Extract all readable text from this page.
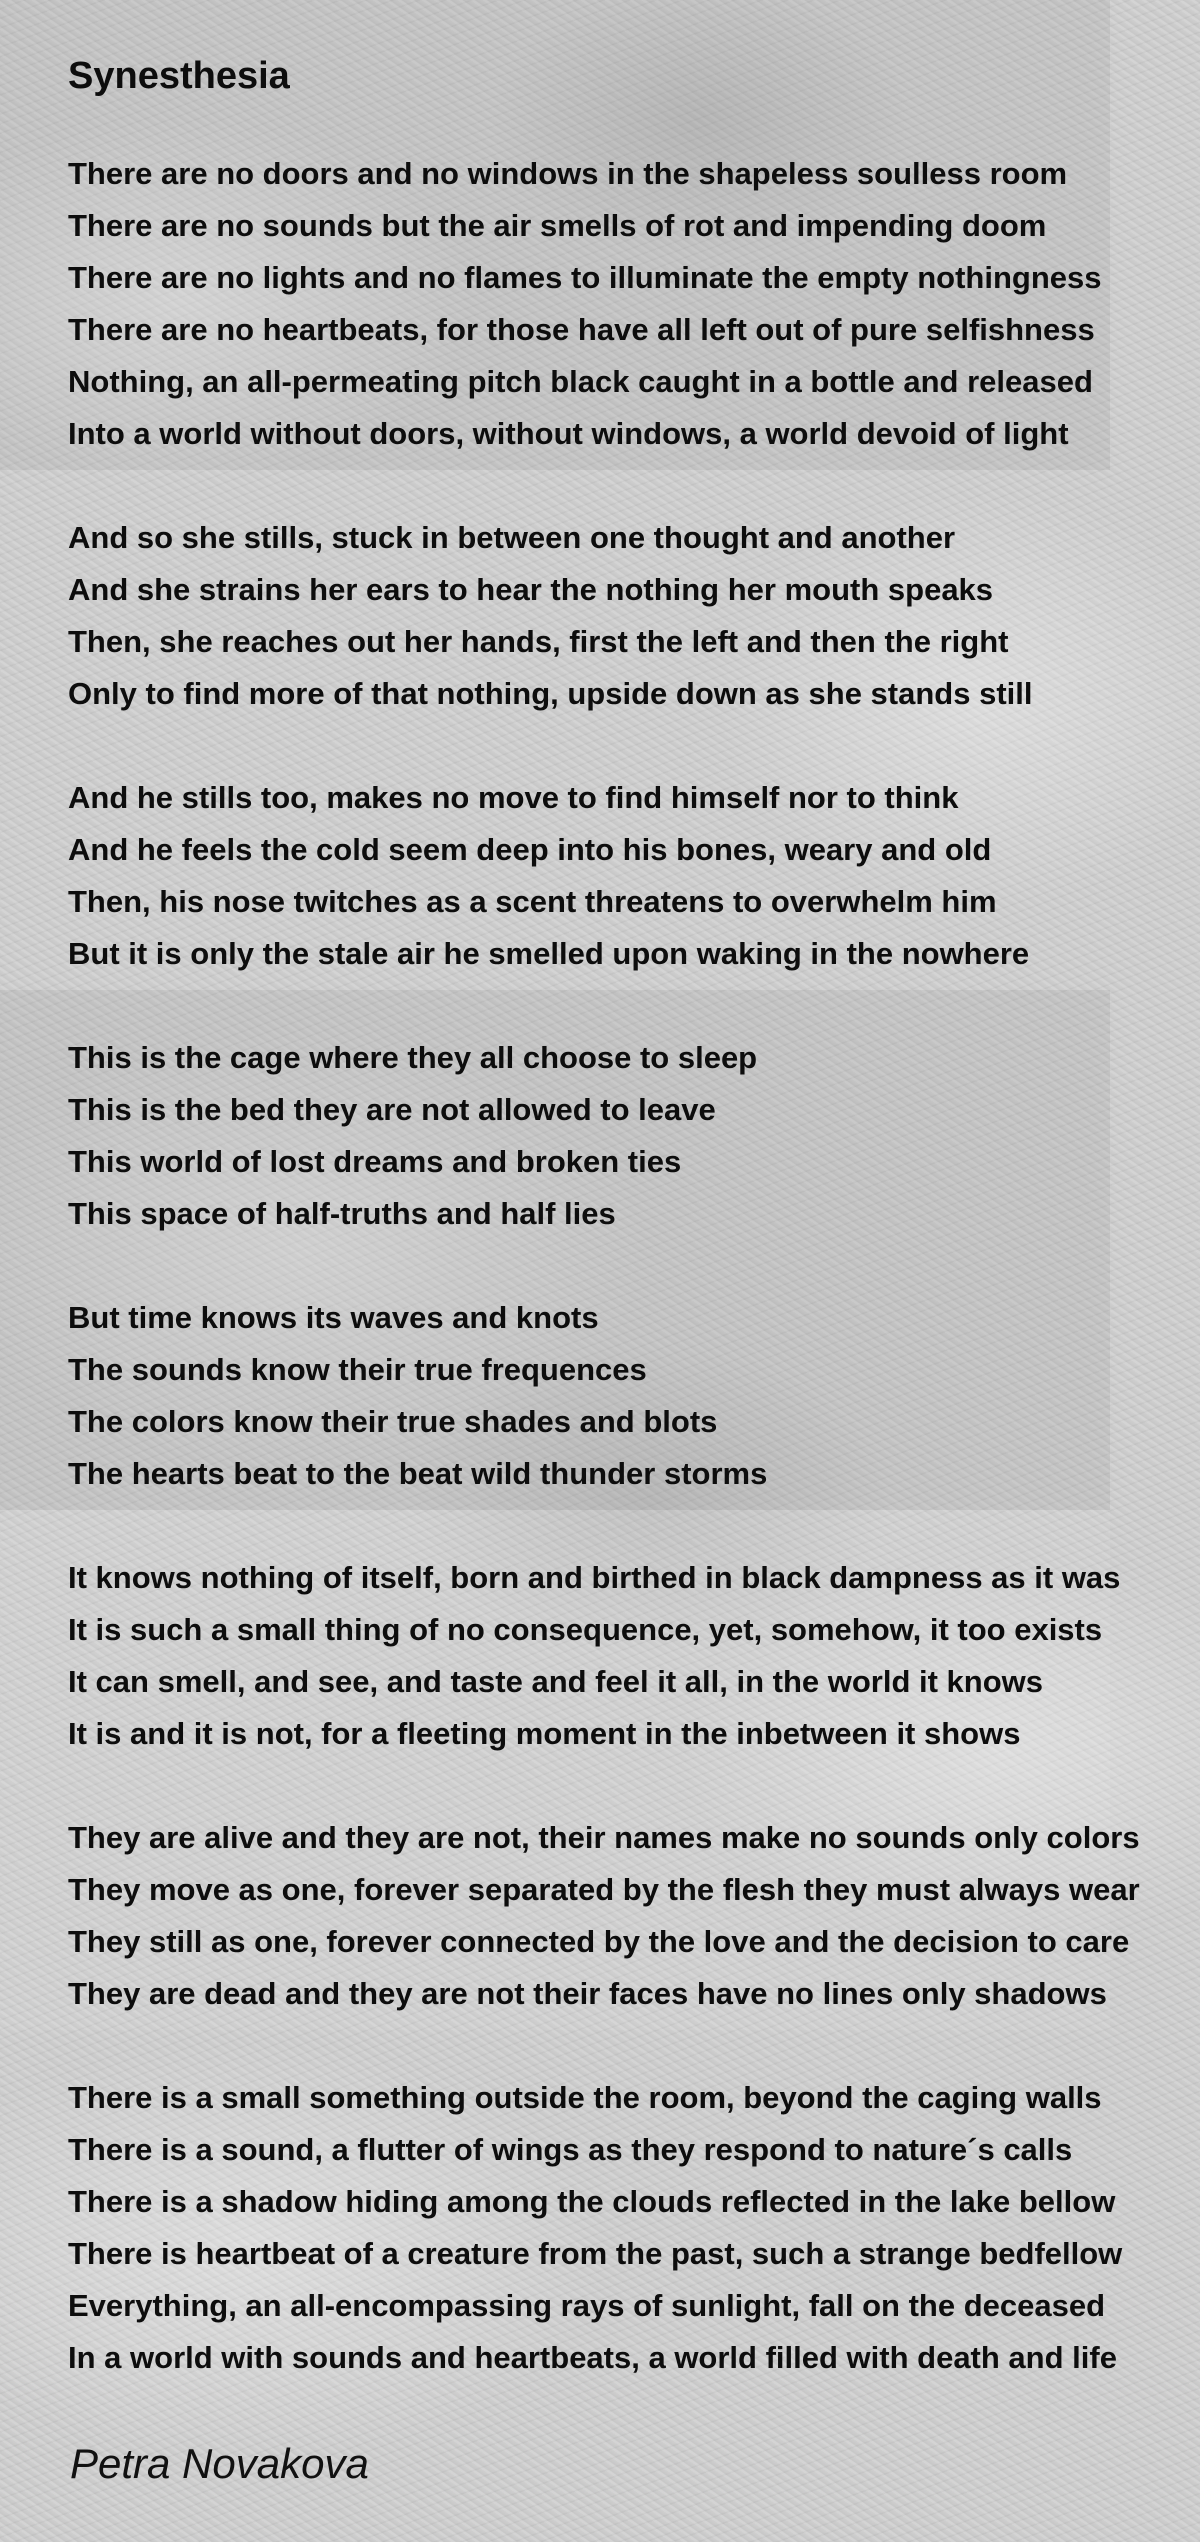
Synesthesia
There are no doors and no windows in the shapeless soulless room
There are no sounds but the air smells of rot and impending doom
There are no lights and no flames to illuminate the empty nothingness
There are no heartbeats, for those have all left out of pure selfishness
Nothing, an all-permeating pitch black caught in a bottle and released
Into a world without doors, without windows, a world devoid of light
And so she stills, stuck in between one thought and another
And she strains her ears to hear the nothing her mouth speaks
Then, she reaches out her hands, first the left and then the right
Only to find more of that nothing, upside down as she stands still
And he stills too, makes no move to find himself nor to think
And he feels the cold seem deep into his bones, weary and old
Then, his nose twitches as a scent threatens to overwhelm him
But it is only the stale air he smelled upon waking in the nowhere
This is the cage where they all choose to sleep
This is the bed they are not allowed to leave
This world of lost dreams and broken ties
This space of half-truths and half lies
But time knows its waves and knots
The sounds know their true frequences
The colors know their true shades and blots
The hearts beat to the beat wild thunder storms
It knows nothing of itself, born and birthed in black dampness as it was
It is such a small thing of no consequence, yet, somehow, it too exists
It can smell, and see, and taste and feel it all, in the world it knows
It is and it is not, for a fleeting moment in the inbetween it shows
They are alive and they are not, their names make no sounds only colors
They move as one, forever separated by the flesh they must always wear
They still as one, forever connected by the love and the decision to care
They are dead and they are not their faces have no lines only shadows
There is a small something outside the room, beyond the caging walls
There is a sound, a flutter of wings as they respond to nature´s calls
There is a shadow hiding among the clouds reflected in the lake bellow
There is heartbeat of a creature from the past, such a strange bedfellow
Everything, an all-encompassing rays of sunlight, fall on the deceased
In a world with sounds and heartbeats, a world filled with death and life
Petra Novakova
